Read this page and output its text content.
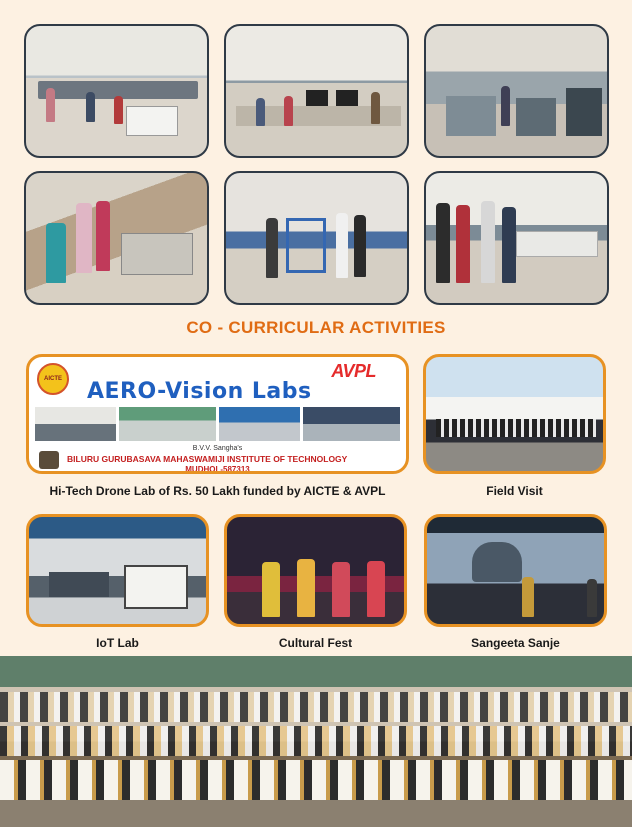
CO - CURRICULAR ACTIVITIES
AICTE	AVPL
AERO-Vision Labs
B.V.V. Sangha's
BILURU GURUBASAVA MAHASWAMIJI INSTITUTE OF TECHNOLOGY
MUDHOL-587313
Hi-Tech Drone Lab of Rs. 50 Lakh funded by AICTE & AVPL	Field Visit
IoT Lab	Cultural Fest	Sangeeta Sanje
